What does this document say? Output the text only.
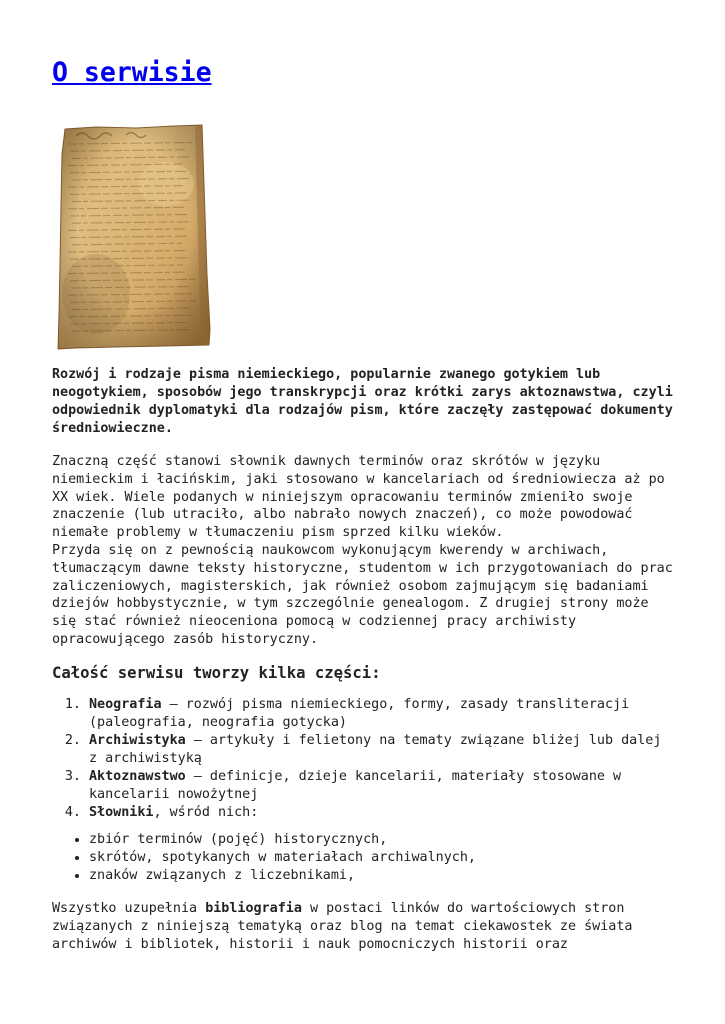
O serwisie

Rozwój i rodzaje pisma niemieckiego, popularnie zwanego gotykiem lub neogotykiem, sposobów jego transkrypcji oraz krótki zarys aktoznawstwa, czyli odpowiednik dyplomatyki dla rodzajów pism, które zaczęły zastępować dokumenty średniowieczne.

Znaczną część stanowi słownik dawnych terminów oraz skrótów w języku niemieckim i łacińskim, jaki stosowano w kancelariach od średniowiecza aż po XX wiek. Wiele podanych w niniejszym opracowaniu terminów zmieniło swoje znaczenie (lub utraciło, albo nabrało nowych znaczeń), co może powodować niemałe problemy w tłumaczeniu pism sprzed kilku wieków.
Przyda się on z pewnością naukowcom wykonującym kwerendy w archiwach, tłumaczącym dawne teksty historyczne, studentom w ich przygotowaniach do prac zaliczeniowych, magisterskich, jak również osobom zajmującym się badaniami dziejów hobbystycznie, w tym szczególnie genealogom. Z drugiej strony może się stać również nieoceniona pomocą w codziennej pracy archiwisty opracowującego zasób historyczny.

Całość serwisu tworzy kilka części:
1. Neografia – rozwój pisma niemieckiego, formy, zasady transliteracji (paleografia, neografia gotycka)
2. Archiwistyka – artykuły i felietony na tematy związane bliżej lub dalej z archiwistyką
3. Aktoznawstwo – definicje, dzieje kancelarii, materiały stosowane w kancelarii nowożytnej
4. Słowniki, wśród nich:
• zbiór terminów (pojęć) historycznych,
• skrótów, spotykanych w materiałach archiwalnych,
• znaków związanych z liczebnikami,

Wszystko uzupełnia bibliografia w postaci linków do wartościowych stron związanych z niniejszą tematyką oraz blog na temat ciekawostek ze świata archiwów i bibliotek, historii i nauk pomocniczych historii oraz
